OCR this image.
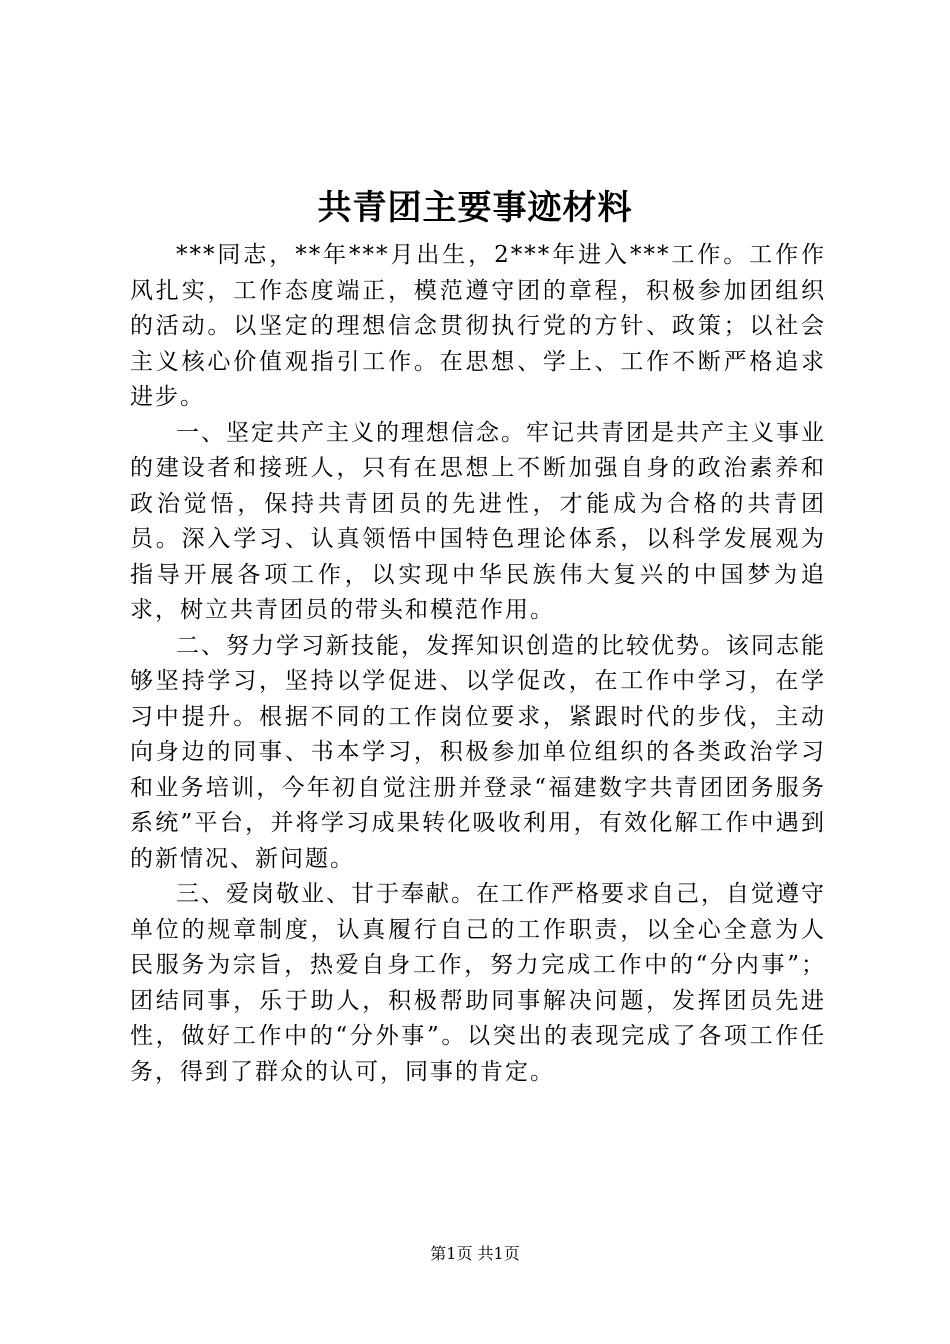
共青团主要事迹材料

***同志，**年***月出生，2***年进入***工作。工作作风扎实，工作态度端正，模范遵守团的章程，积极参加团组织的活动。以坚定的理想信念贯彻执行党的方针、政策；以社会主义核心价值观指引工作。在思想、学上、工作不断严格追求进步。

一、坚定共产主义的理想信念。牢记共青团是共产主义事业的建设者和接班人，只有在思想上不断加强自身的政治素养和政治觉悟，保持共青团员的先进性，才能成为合格的共青团员。深入学习、认真领悟中国特色理论体系，以科学发展观为指导开展各项工作，以实现中华民族伟大复兴的中国梦为追求，树立共青团员的带头和模范作用。

二、努力学习新技能，发挥知识创造的比较优势。该同志能够坚持学习，坚持以学促进、以学促改，在工作中学习，在学习中提升。根据不同的工作岗位要求，紧跟时代的步伐，主动向身边的同事、书本学习，积极参加单位组织的各类政治学习和业务培训，今年初自觉注册并登录“福建数字共青团团务服务系统”平台，并将学习成果转化吸收利用，有效化解工作中遇到的新情况、新问题。

三、爱岗敬业、甘于奉献。在工作严格要求自己，自觉遵守单位的规章制度，认真履行自己的工作职责，以全心全意为人民服务为宗旨，热爱自身工作，努力完成工作中的“分内事”；团结同事，乐于助人，积极帮助同事解决问题，发挥团员先进性，做好工作中的“分外事”。以突出的表现完成了各项工作任务，得到了群众的认可，同事的肯定。

第1页 共1页
